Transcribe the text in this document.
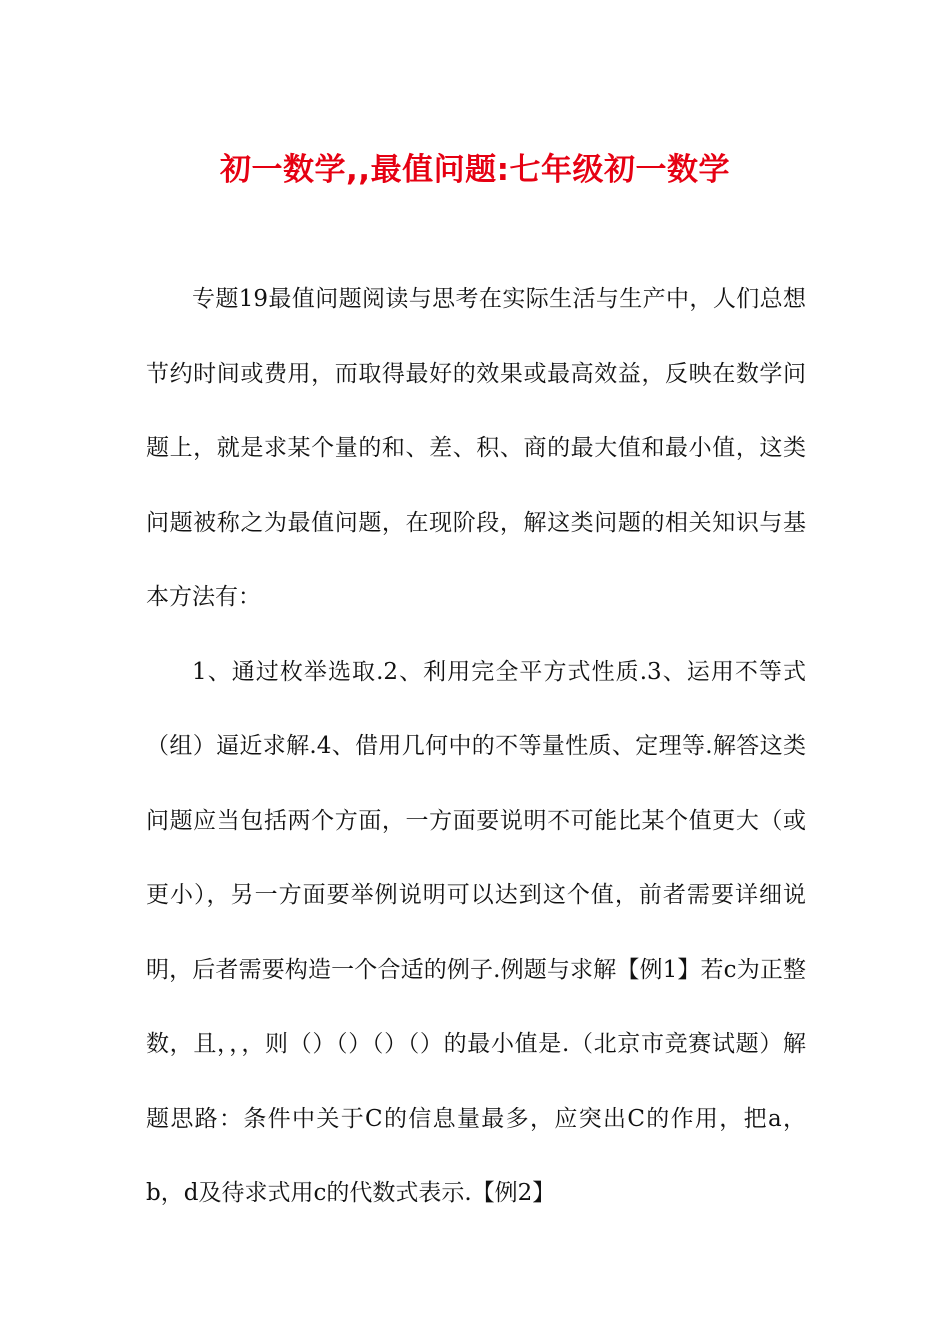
初一数学,,最值问题:七年级初一数学

专题19最值问题阅读与思考在实际生活与生产中，人们总想节约时间或费用，而取得最好的效果或最高效益，反映在数学问题上，就是求某个量的和、差、积、商的最大值和最小值，这类问题被称之为最值问题，在现阶段，解这类问题的相关知识与基本方法有：

1、通过枚举选取.2、利用完全平方式性质.3、运用不等式（组）逼近求解.4、借用几何中的不等量性质、定理等.解答这类问题应当包括两个方面，一方面要说明不可能比某个值更大（或更小），另一方面要举例说明可以达到这个值，前者需要详细说明，后者需要构造一个合适的例子.例题与求解【例1】若c为正整数，且，，，则（）（）（）（）的最小值是.（北京市竞赛试题）解题思路：条件中关于C的信息量最多，应突出C的作用，把a，b，d及待求式用c的代数式表示.【例2】
